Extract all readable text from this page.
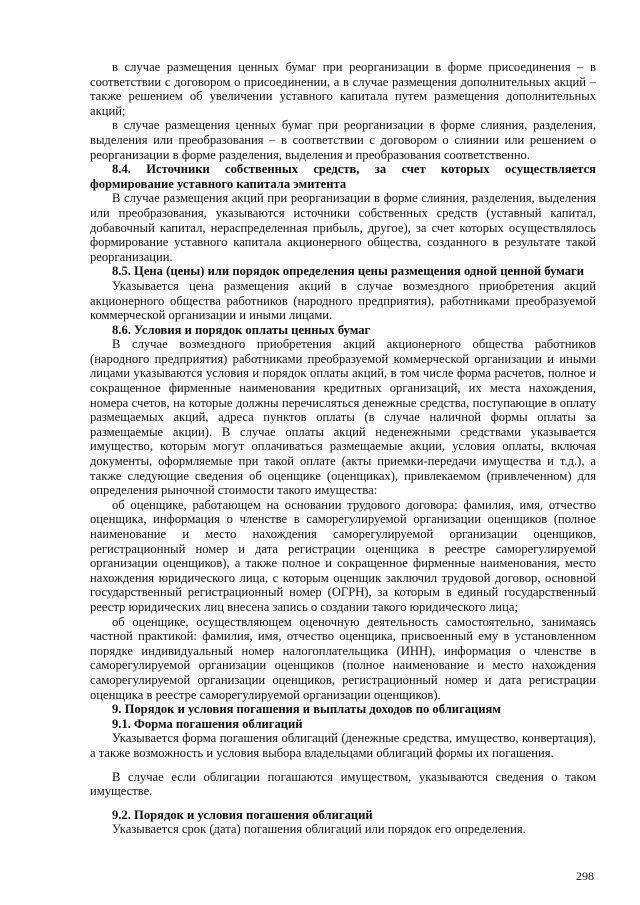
в случае размещения ценных бумаг при реорганизации в форме присоединения – в соответствии с договором о присоединении, а в случае размещения дополнительных акций – также решением об увеличении уставного капитала путем размещения дополнительных акций;

в случае размещения ценных бумаг при реорганизации в форме слияния, разделения, выделения или преобразования – в соответствии с договором о слиянии или решением о реорганизации в форме разделения, выделения и преобразования соответственно.

8.4. Источники собственных средств, за счет которых осуществляется формирование уставного капитала эмитента

В случае размещения акций при реорганизации в форме слияния, разделения, выделения или преобразования, указываются источники собственных средств (уставный капитал, добавочный капитал, нераспределенная прибыль, другое), за счет которых осуществлялось формирование уставного капитала акционерного общества, созданного в результате такой реорганизации.

8.5. Цена (цены) или порядок определения цены размещения одной ценной бумаги

Указывается цена размещения акций в случае возмездного приобретения акций акционерного общества работников (народного предприятия), работниками преобразуемой коммерческой организации и иными лицами.

8.6. Условия и порядок оплаты ценных бумаг

В случае возмездного приобретения акций акционерного общества работников (народного предприятия) работниками преобразуемой коммерческой организации и иными лицами указываются условия и порядок оплаты акций, в том числе форма расчетов, полное и сокращенное фирменные наименования кредитных организаций, их места нахождения, номера счетов, на которые должны перечисляться денежные средства, поступающие в оплату размещаемых акций, адреса пунктов оплаты (в случае наличной формы оплаты за размещаемые акции). В случае оплаты акций неденежными средствами указывается имущество, которым могут оплачиваться размещаемые акции, условия оплаты, включая документы, оформляемые при такой оплате (акты приемки-передачи имущества и т.д.), а также следующие сведения об оценщике (оценщиках), привлекаемом (привлеченном) для определения рыночной стоимости такого имущества:

об оценщике, работающем на основании трудового договора: фамилия, имя, отчество оценщика, информация о членстве в саморегулируемой организации оценщиков (полное наименование и место нахождения саморегулируемой организации оценщиков, регистрационный номер и дата регистрации оценщика в реестре саморегулируемой организации оценщиков), а также полное и сокращенное фирменные наименования, место нахождения юридического лица, с которым оценщик заключил трудовой договор, основной государственный регистрационный номер (ОГРН), за которым в единый государственный реестр юридических лиц внесена запись о создании такого юридического лица;

об оценщике, осуществляющем оценочную деятельность самостоятельно, занимаясь частной практикой: фамилия, имя, отчество оценщика, присвоенный ему в установленном порядке индивидуальный номер налогоплательщика (ИНН), информация о членстве в саморегулируемой организации оценщиков (полное наименование и место нахождения саморегулируемой организации оценщиков, регистрационный номер и дата регистрации оценщика в реестре саморегулируемой организации оценщиков).

9. Порядок и условия погашения и выплаты доходов по облигациям

9.1. Форма погашения облигаций

Указывается форма погашения облигаций (денежные средства, имущество, конвертация), а также возможность и условия выбора владельцами облигаций формы их погашения.

В случае если облигации погашаются имуществом, указываются сведения о таком имуществе.

9.2. Порядок и условия погашения облигаций

Указывается срок (дата) погашения облигаций или порядок его определения.

298
